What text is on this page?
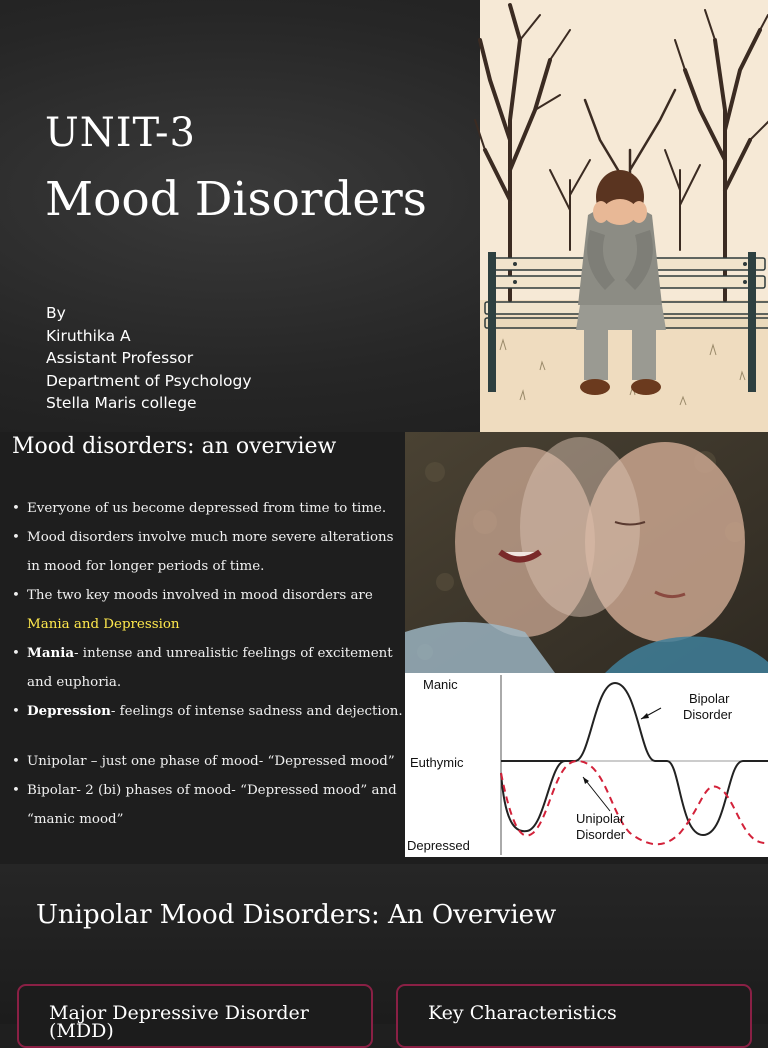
UNIT-3
Mood Disorders
By
Kiruthika A
Assistant Professor
Department of Psychology
Stella Maris college
Mood disorders: an overview
• Everyone of us become depressed from time to time.
• Mood disorders involve much more severe alterations in mood for longer periods of time.
• The two key moods involved in mood disorders are
Mania and Depression
• Mania- intense and unrealistic feelings of excitement and euphoria.
• Depression- feelings of intense sadness and dejection.
• Unipolar – just one phase of mood- “Depressed mood”
• Bipolar- 2 (bi) phases of mood- “Depressed mood” and “manic mood”
Manic
Euthymic
Depressed
Bipolar
Disorder
Unipolar
Disorder
Unipolar Mood Disorders: An Overview
Major Depressive Disorder (MDD)
Key Characteristics
